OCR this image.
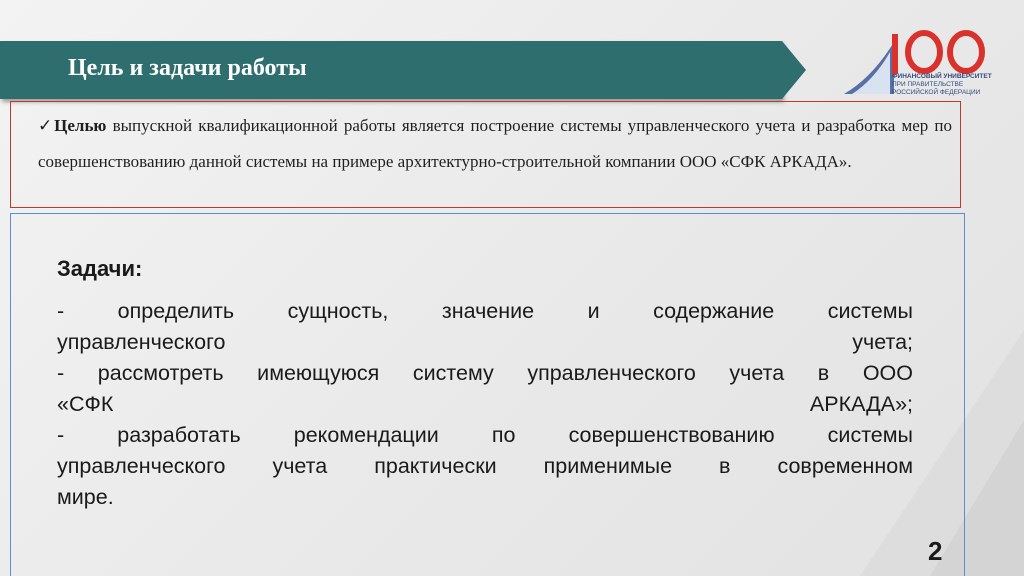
Цель и задачи работы	ФИНАНСОВЫЙ УНИВЕРСИТЕТ
ПРИ ПРАВИТЕЛЬСТВЕ
РОССИЙСКОЙ ФЕДЕРАЦИИ
✓Целью выпускной квалификационной работы является построение системы управленческого учета и разработка мер по совершенствованию данной системы на примере архитектурно-строительной компании ООО «СФК АРКАДА».
Задачи:
- определить сущность, значение и содержание системы
управленческого учета;
- рассмотреть имеющуюся систему управленческого учета в ООО
«СФК АРКАДА»;
- разработать рекомендации по совершенствованию системы
управленческого учета практически применимые в современном
мире.
2
